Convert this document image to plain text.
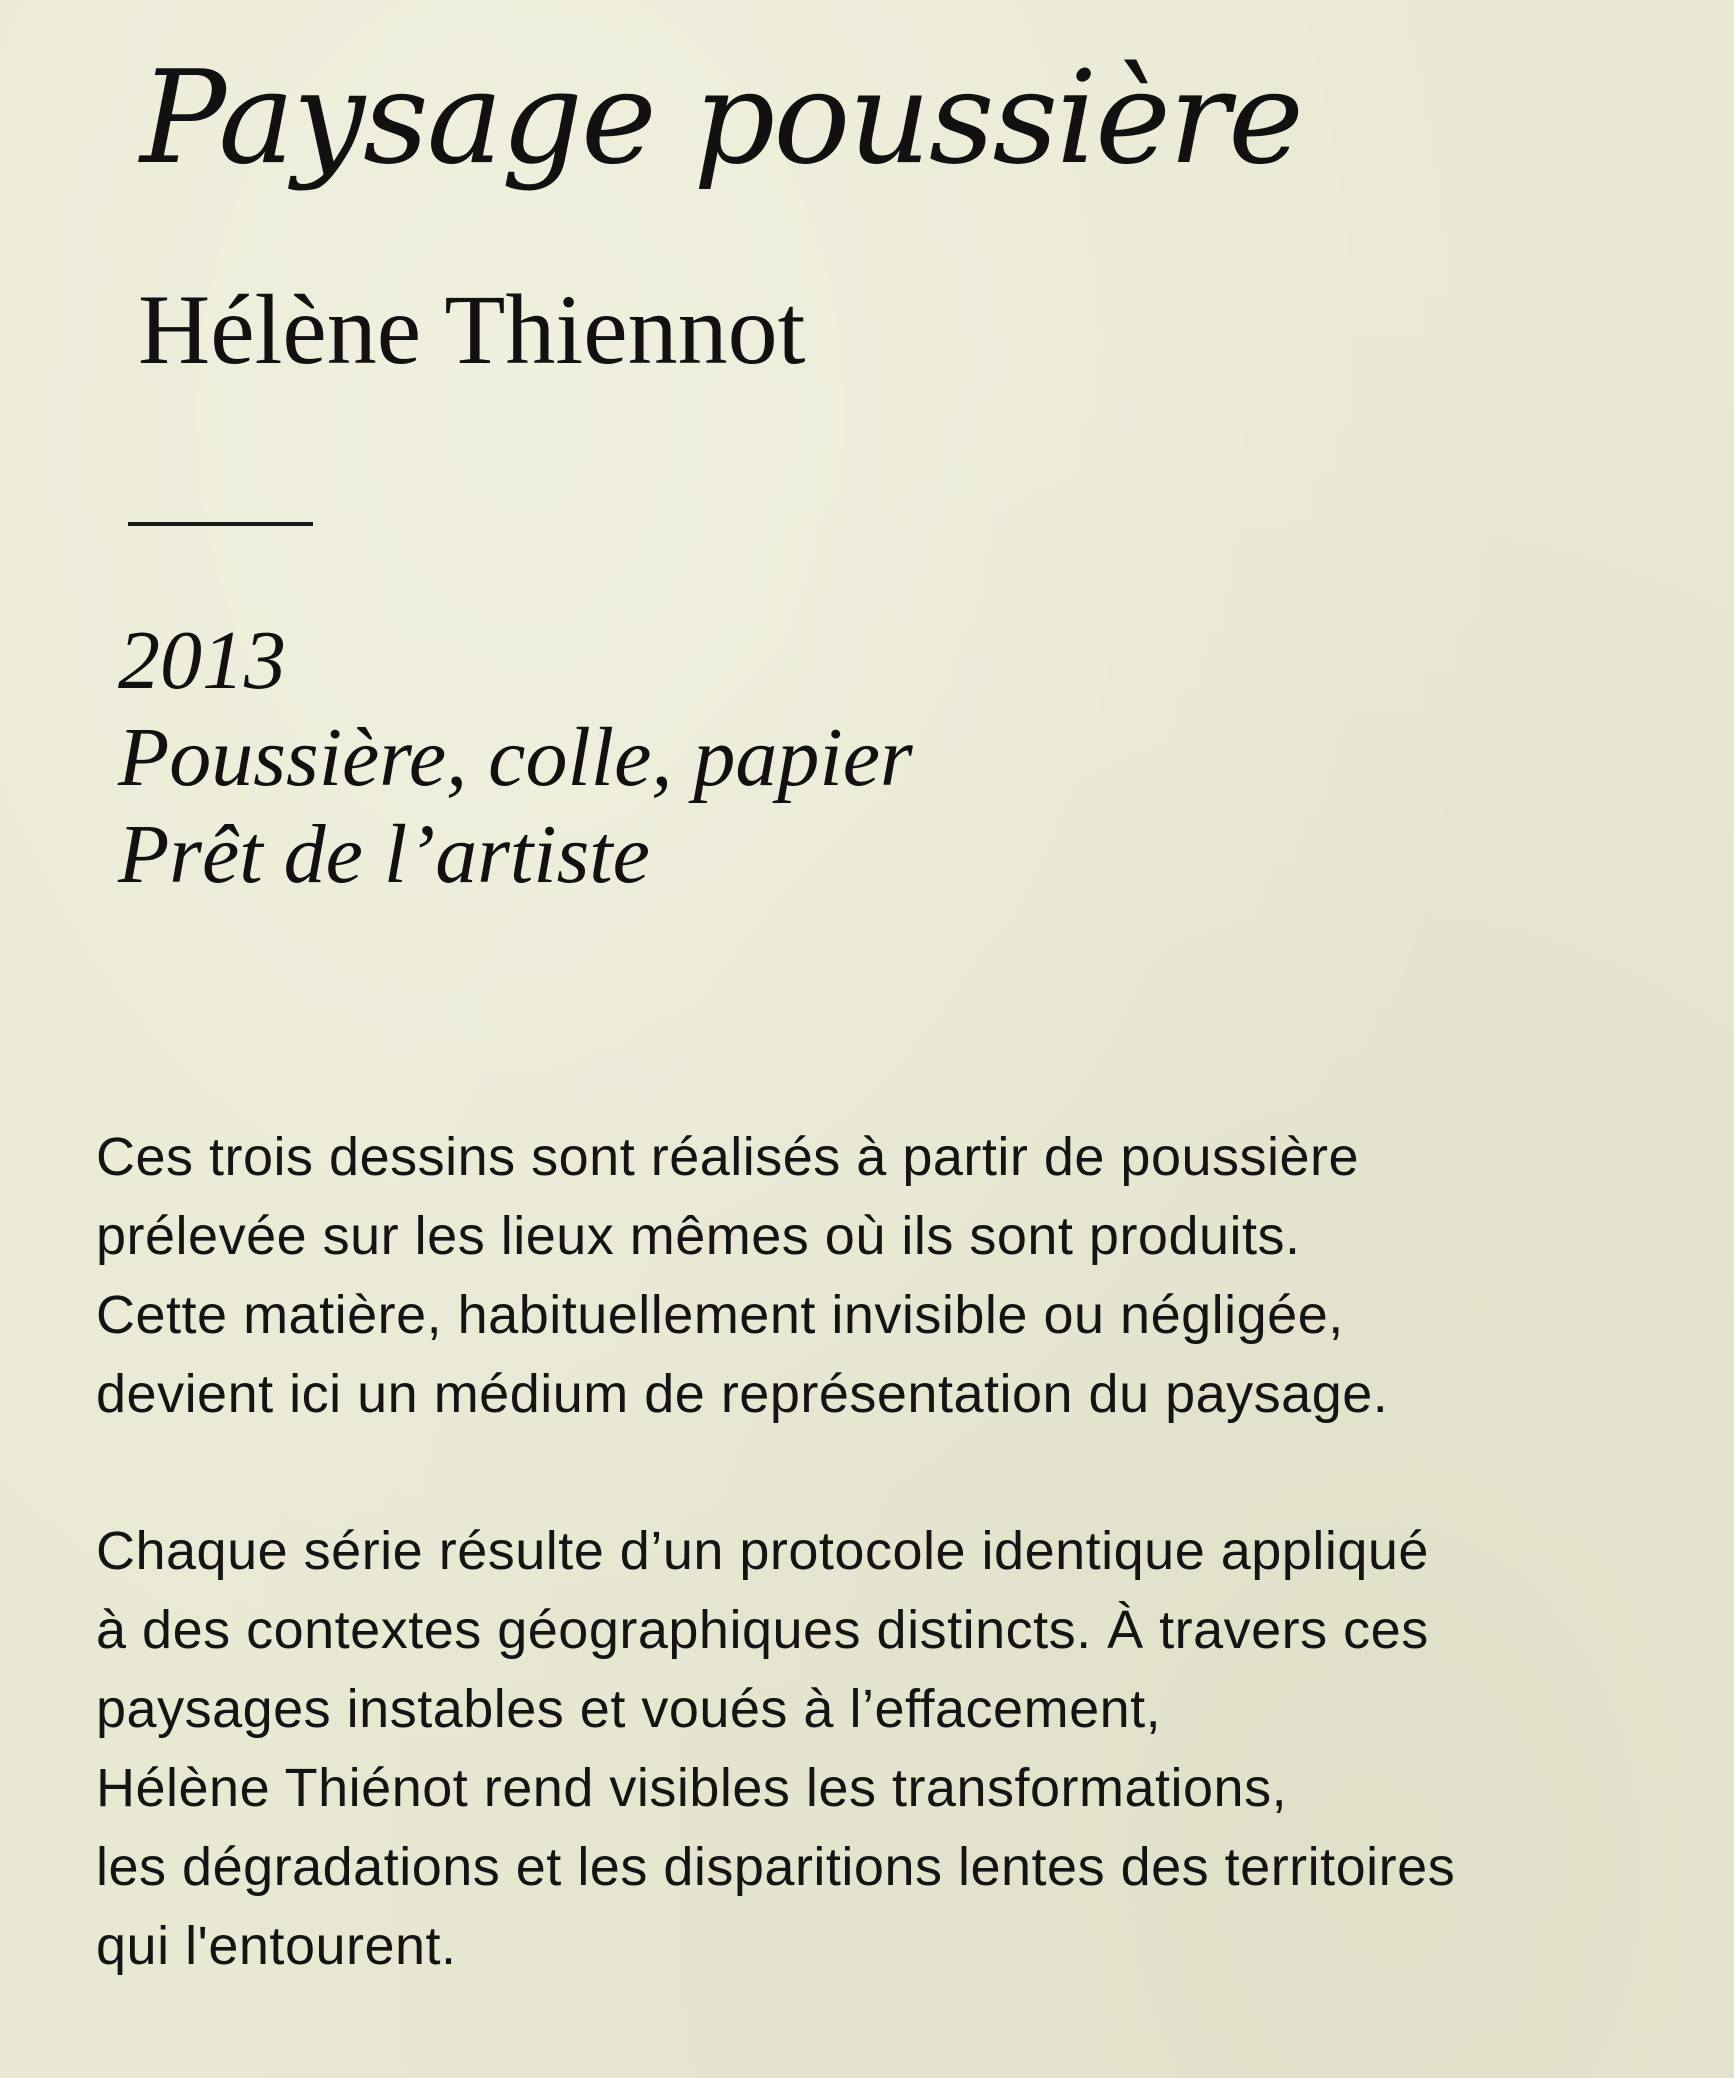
Paysage poussière
Hélène Thiennot
2013
Poussière, colle, papier
Prêt de l’artiste
Ces trois dessins sont réalisés à partir de poussière
prélevée sur les lieux mêmes où ils sont produits.
Cette matière, habituellement invisible ou négligée,
devient ici un médium de représentation du paysage.
Chaque série résulte d’un protocole identique appliqué
à des contextes géographiques distincts. À travers ces
paysages instables et voués à l’effacement,
Hélène Thiénot rend visibles les transformations,
les dégradations et les disparitions lentes des territoires
qui l'entourent.
